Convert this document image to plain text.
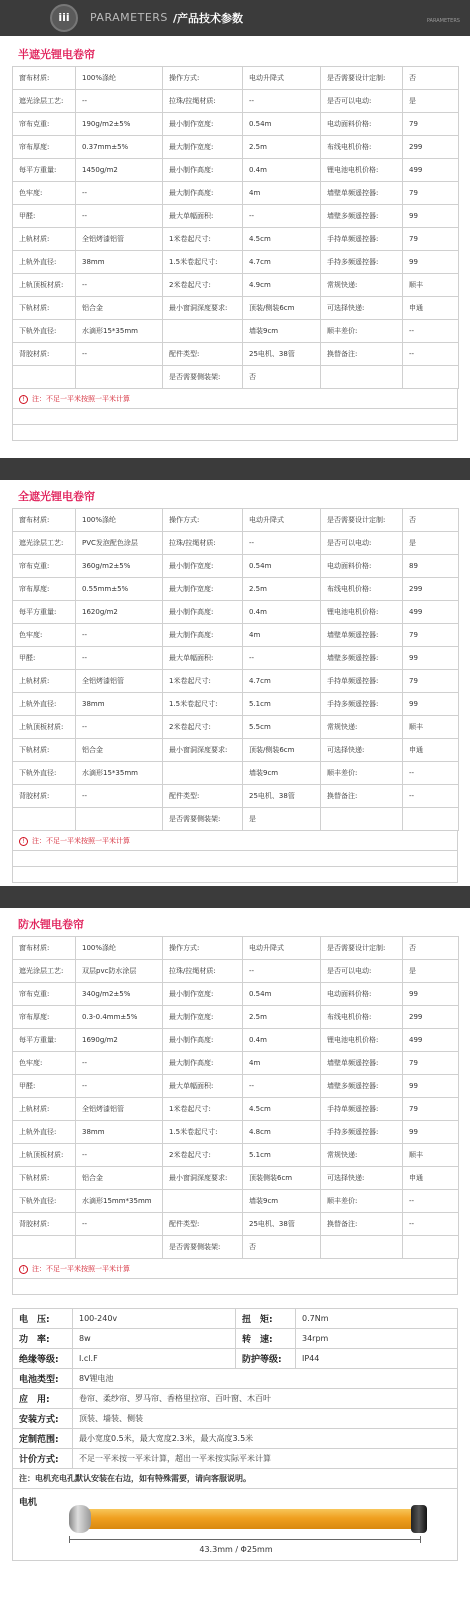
iii	PARAMETERS /产品技术参数	PARAMETERS
半遮光锂电卷帘
窗布材质:	100%涤纶	操作方式:	电动升降式	是否需要设计定制:	否
遮光涂层工艺:	--	拉珠/拉绳材质:	--	是否可以电动:	是
帘布克重:	190g/m2±5%	最小制作宽度:	0.54m	电动面料价格:	79
帘布厚度:	0.37mm±5%	最大制作宽度:	2.5m	布线电机价格:	299
每平方重量:	1450g/m2	最小制作高度:	0.4m	锂电池电机价格:	499
色牢度:	--	最大制作高度:	4m	墙壁单频遥控器:	79
甲醛:	--	最大单幅面积:	--	墙壁多频遥控器:	99
上轨材质:	全铝烤漆铝管	1米卷起尺寸:	4.5cm	手持单频遥控器:	79
上轨外直径:	38mm	1.5米卷起尺寸:	4.7cm	手持多频遥控器:	99
上轨顶板材质:	--	2米卷起尺寸:	4.9cm	常规快递:	顺丰
下轨材质:	铝合金	最小窗洞深度要求:	顶装/侧装6cm	可选择快递:	申通
下轨外直径:	水滴形15*35mm		墙装9cm	顺丰差价:	--
背胶材质:	--	配件类型:	25电机、38管	换替备注:	--
		是否需要侧装架:	否		
! 注：不足一平米按照一平米计算
全遮光锂电卷帘
窗布材质:	100%涤纶	操作方式:	电动升降式	是否需要设计定制:	否
遮光涂层工艺:	PVC发泡配色涂层	拉珠/拉绳材质:	--	是否可以电动:	是
帘布克重:	360g/m2±5%	最小制作宽度:	0.54m	电动面料价格:	89
帘布厚度:	0.55mm±5%	最大制作宽度:	2.5m	布线电机价格:	299
每平方重量:	1620g/m2	最小制作高度:	0.4m	锂电池电机价格:	499
色牢度:	--	最大制作高度:	4m	墙壁单频遥控器:	79
甲醛:	--	最大单幅面积:	--	墙壁多频遥控器:	99
上轨材质:	全铝烤漆铝管	1米卷起尺寸:	4.7cm	手持单频遥控器:	79
上轨外直径:	38mm	1.5米卷起尺寸:	5.1cm	手持多频遥控器:	99
上轨顶板材质:	--	2米卷起尺寸:	5.5cm	常规快递:	顺丰
下轨材质:	铝合金	最小窗洞深度要求:	顶装/侧装6cm	可选择快递:	申通
下轨外直径:	水滴形15*35mm		墙装9cm	顺丰差价:	--
背胶材质:	--	配件类型:	25电机、38管	换替备注:	--
		是否需要侧装架:	是		
! 注：不足一平米按照一平米计算
防水锂电卷帘
窗布材质:	100%涤纶	操作方式:	电动升降式	是否需要设计定制:	否
遮光涂层工艺:	双层pvc防水涂层	拉珠/拉绳材质:	--	是否可以电动:	是
帘布克重:	340g/m2±5%	最小制作宽度:	0.54m	电动面料价格:	99
帘布厚度:	0.3-0.4mm±5%	最大制作宽度:	2.5m	布线电机价格:	299
每平方重量:	1690g/m2	最小制作高度:	0.4m	锂电池电机价格:	499
色牢度:	--	最大制作高度:	4m	墙壁单频遥控器:	79
甲醛:	--	最大单幅面积:	--	墙壁多频遥控器:	99
上轨材质:	全铝烤漆铝管	1米卷起尺寸:	4.5cm	手持单频遥控器:	79
上轨外直径:	38mm	1.5米卷起尺寸:	4.8cm	手持多频遥控器:	99
上轨顶板材质:	--	2米卷起尺寸:	5.1cm	常规快递:	顺丰
下轨材质:	铝合金	最小窗洞深度要求:	顶装侧装6cm	可选择快递:	申通
下轨外直径:	水滴形15mm*35mm		墙装9cm	顺丰差价:	--
背胶材质:	--	配件类型:	25电机、38管	换替备注:	--
		是否需要侧装架:	否		
! 注：不足一平米按照一平米计算
电　压:	100-240v	扭　矩:	0.7Nm
功　率:	8w	转　速:	34rpm
绝缘等级:	I.cl.F	防护等级:	IP44
电池类型:	8V锂电池		
应　用:	卷帘、柔纱帘、罗马帘、香格里拉帘、百叶窗、木百叶		
安装方式:	顶装、墙装、侧装		
定制范围:	最小宽度0.5米，最大宽度2.3米，最大高度3.5米		
计价方式:	不足一平米按一平米计算，超出一平米按实际平米计算		
注：电机充电孔默认安装在右边，如有特殊需要，请向客服说明。			
电机
43.3mm / Φ25mm
